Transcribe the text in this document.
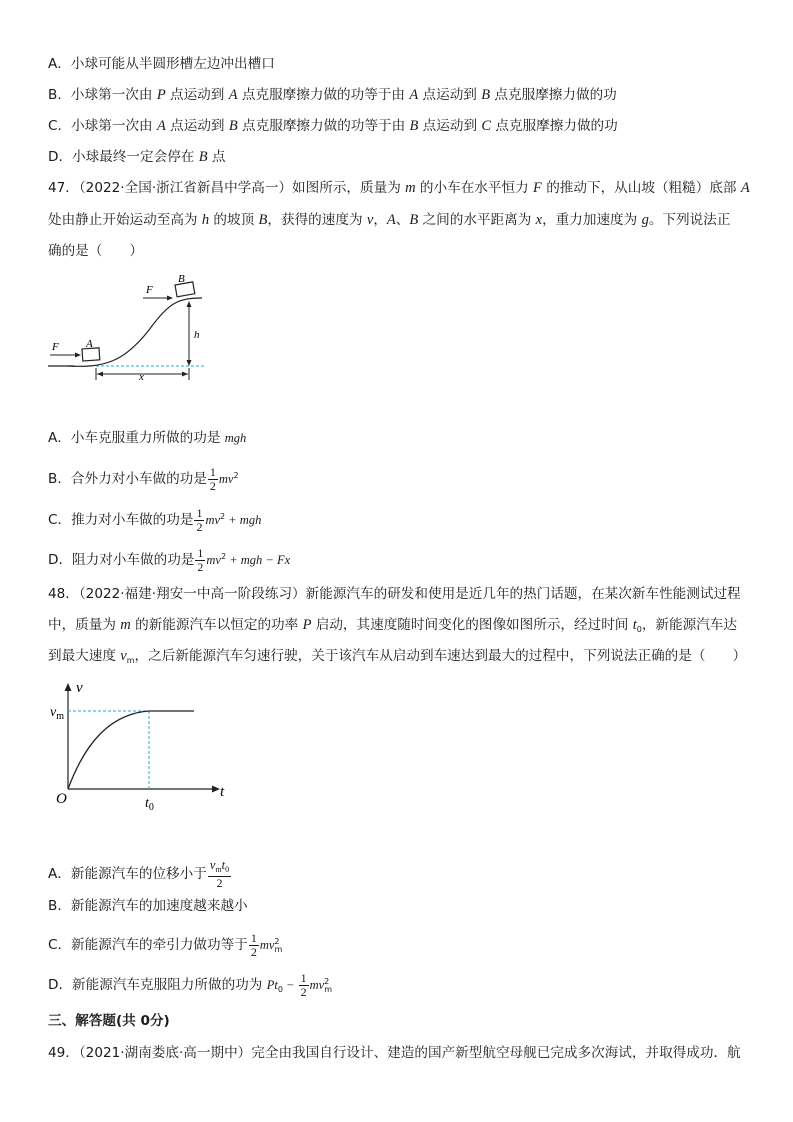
A．小球可能从半圆形槽左边冲出槽口
B．小球第一次由 P 点运动到 A 点克服摩擦力做的功等于由 A 点运动到 B 点克服摩擦力做的功
C．小球第一次由 A 点运动到 B 点克服摩擦力做的功等于由 B 点运动到 C 点克服摩擦力做的功
D．小球最终一定会停在 B 点
47．（2022·全国·浙江省新昌中学高一）如图所示，质量为 m 的小车在水平恒力 F 的推动下，从山坡（粗糙）底部 A
处由静止开始运动至高为 h 的坡顶 B，获得的速度为 v，A、B 之间的水平距离为 x，重力加速度为 g。下列说法正
确的是（　　）
A
F
B
F
h
x
A．小车克服重力所做的功是 mgh
B．合外力对小车做的功是 $\frac{1}{2} mv^2$
C．推力对小车做的功是 $\frac{1}{2} mv^2$ + mgh
D．阻力对小车做的功是 $\frac{1}{2} mv^2$ + mgh − Fx
48．（2022·福建·翔安一中高一阶段练习）新能源汽车的研发和使用是近几年的热门话题，在某次新车性能测试过程
中，质量为 m 的新能源汽车以恒定的功率 P 启动，其速度随时间变化的图像如图所示，经过时间 $t_0$，新能源汽车达
到最大速度 $v_m$，之后新能源汽车匀速行驶，关于该汽车从启动到车速达到最大的过程中，下列说法正确的是（　　）
v
$v_m$
O	$t_0$
t
A．新能源汽车的位移小于 $\frac{v_mt_0}{2}$
B．新能源汽车的加速度越来越小
C．新能源汽车的牵引力做功等于 $\frac{1}{2} mv^2_m$
D．新能源汽车克服阻力所做的功为 $Pt_0 - \frac{1}{2} mv^2_m$
三、解答题(共 0分)
49．（2021·湖南娄底·高一期中）完全由我国自行设计、建造的国产新型航空母舰已完成多次海试，并取得成功．航
